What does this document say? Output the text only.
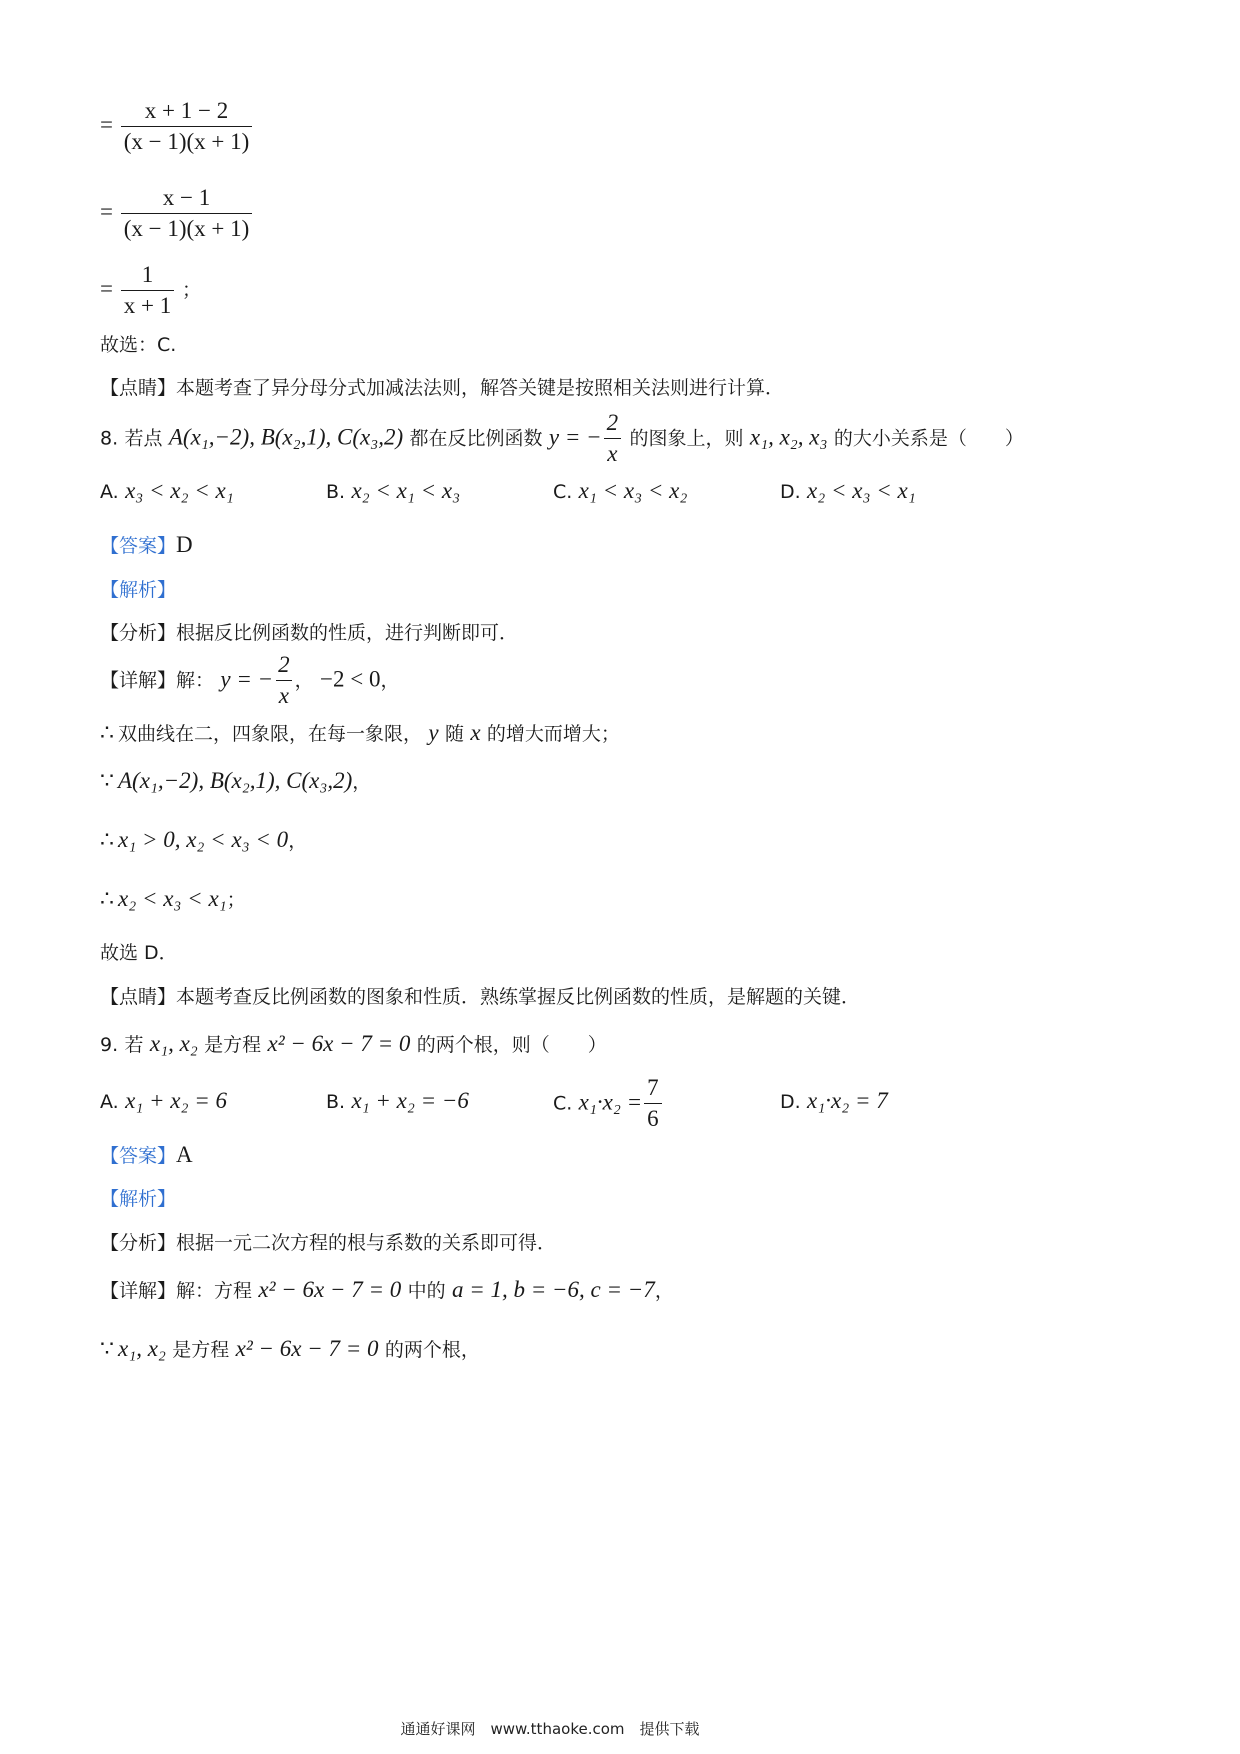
= $\frac{x + 1 - 2}{(x - 1)(x + 1)}$
= $\frac{x - 1}{(x - 1)(x + 1)}$
= $\frac{1}{x + 1}$ ；
故选：C.
【点睛】本题考查了异分母分式加减法法则，解答关键是按照相关法则进行计算．
8. 若点 A(x₁,−2), B(x₂,1), C(x₃,2) 都在反比例函数 y = − $\frac{2}{x}$ 的图象上，则 x₁, x₂, x₃ 的大小关系是（　　）
A. x₃ < x₂ < x₁	B. x₂ < x₁ < x₃	C. x₁ < x₃ < x₂	D. x₂ < x₃ < x₁
【答案】D
【解析】
【分析】根据反比例函数的性质，进行判断即可．
【详解】解： y = − $\frac{2}{x}$ ， −2 < 0，
∴ 双曲线在二，四象限，在每一象限， y 随 x 的增大而增大；
∵ A(x₁,−2), B(x₂,1), C(x₃,2)，
∴ x₁ > 0, x₂ < x₃ < 0，
∴ x₂ < x₃ < x₁；
故选 D．
【点睛】本题考查反比例函数的图象和性质．熟练掌握反比例函数的性质，是解题的关键．
9. 若 x₁, x₂ 是方程 x² − 6x − 7 = 0 的两个根，则（　　）
A. x₁ + x₂ = 6	B. x₁ + x₂ = −6	C. $x_1\cdot x_2 = \frac{7}{6}$	D. x₁·x₂ = 7
【答案】A
【解析】
【分析】根据一元二次方程的根与系数的关系即可得．
【详解】解：方程 x² − 6x − 7 = 0 中的 a = 1, b = −6, c = −7，
∵ x₁, x₂ 是方程 x² − 6x − 7 = 0 的两个根，
通通好课网　www.tthaoke.com　提供下载
